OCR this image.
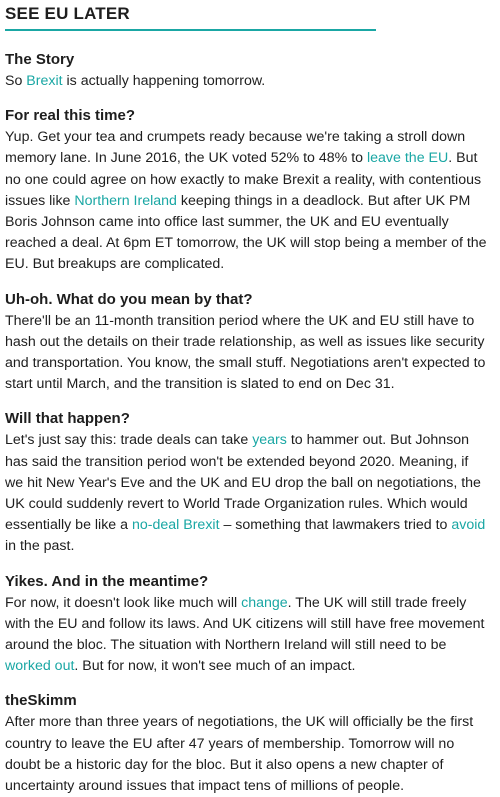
SEE EU LATER
The Story

So Brexit is actually happening tomorrow.

For real this time?

Yup. Get your tea and crumpets ready because we're taking a stroll down memory lane. In June 2016, the UK voted 52% to 48% to leave the EU. But no one could agree on how exactly to make Brexit a reality, with contentious issues like Northern Ireland keeping things in a deadlock. But after UK PM Boris Johnson came into office last summer, the UK and EU eventually reached a deal. At 6pm ET tomorrow, the UK will stop being a member of the EU. But breakups are complicated.

Uh-oh. What do you mean by that?

There'll be an 11-month transition period where the UK and EU still have to hash out the details on their trade relationship, as well as issues like security and transportation. You know, the small stuff. Negotiations aren't expected to start until March, and the transition is slated to end on Dec 31.

Will that happen?

Let's just say this: trade deals can take years to hammer out. But Johnson has said the transition period won't be extended beyond 2020. Meaning, if we hit New Year's Eve and the UK and EU drop the ball on negotiations, the UK could suddenly revert to World Trade Organization rules. Which would essentially be like a no-deal Brexit – something that lawmakers tried to avoid in the past.

Yikes. And in the meantime?

For now, it doesn't look like much will change. The UK will still trade freely with the EU and follow its laws. And UK citizens will still have free movement around the bloc. The situation with Northern Ireland will still need to be worked out. But for now, it won't see much of an impact.

theSkimm

After more than three years of negotiations, the UK will officially be the first country to leave the EU after 47 years of membership. Tomorrow will no doubt be a historic day for the bloc. But it also opens a new chapter of uncertainty around issues that impact tens of millions of people.
